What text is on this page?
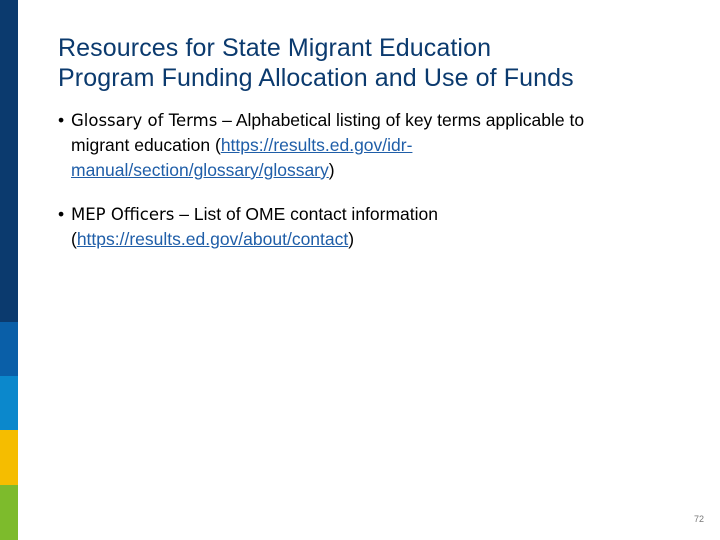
Resources for State Migrant Education
Program Funding Allocation and Use of Funds
• Glossary of Terms – Alphabetical listing of key terms applicable to
migrant education (https://results.ed.gov/idr-
manual/section/glossary/glossary)
• MEP Officers – List of OME contact information
(https://results.ed.gov/about/contact)
72
